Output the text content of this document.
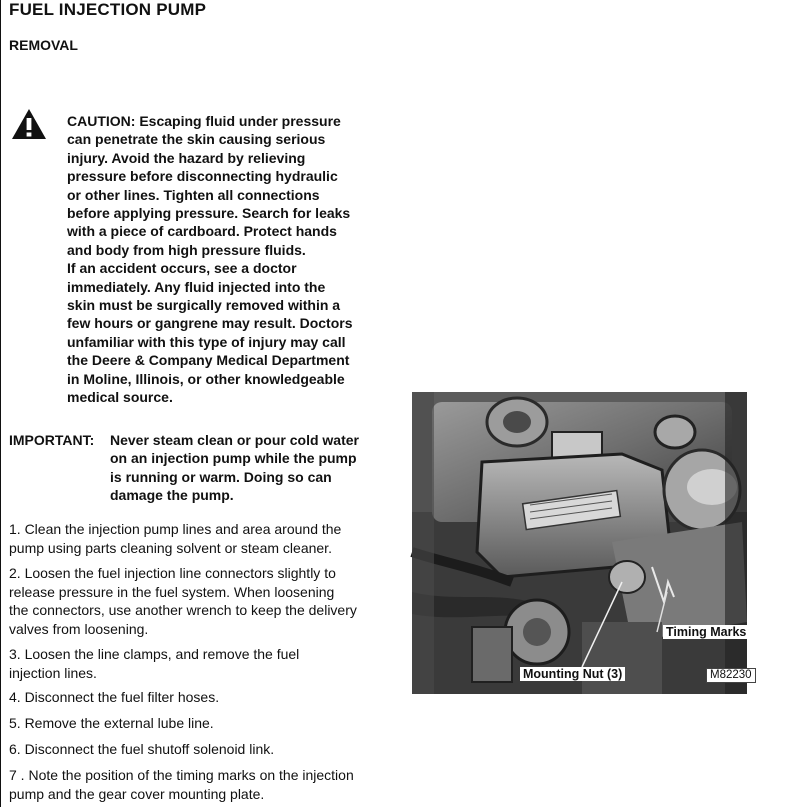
FUEL INJECTION PUMP
REMOVAL
CAUTION: Escaping fluid under pressure
can penetrate the skin causing serious
injury. Avoid the hazard by relieving
pressure before disconnecting hydraulic
or other lines. Tighten all connections
before applying pressure. Search for leaks
with a piece of cardboard. Protect hands
and body from high pressure fluids.
If an accident occurs, see a doctor
immediately. Any fluid injected into the
skin must be surgically removed within a
few hours or gangrene may result. Doctors
unfamiliar with this type of injury may call
the Deere & Company Medical Department
in Moline, Illinois, or other knowledgeable
medical source.
IMPORTANT: Never steam clean or pour cold water
on an injection pump while the pump
is running or warm. Doing so can
damage the pump.
1. Clean the injection pump lines and area around the
pump using parts cleaning solvent or steam cleaner.
2. Loosen the fuel injection line connectors slightly to
release pressure in the fuel system. When loosening
the connectors, use another wrench to keep the delivery
valves from loosening.
3. Loosen the line clamps, and remove the fuel
injection lines.
4. Disconnect the fuel filter hoses.
5. Remove the external lube line.
6. Disconnect the fuel shutoff solenoid link.
7 . Note the position of the timing marks on the injection
pump and the gear cover mounting plate.
Timing Marks
Mounting Nut (3)	M82230
